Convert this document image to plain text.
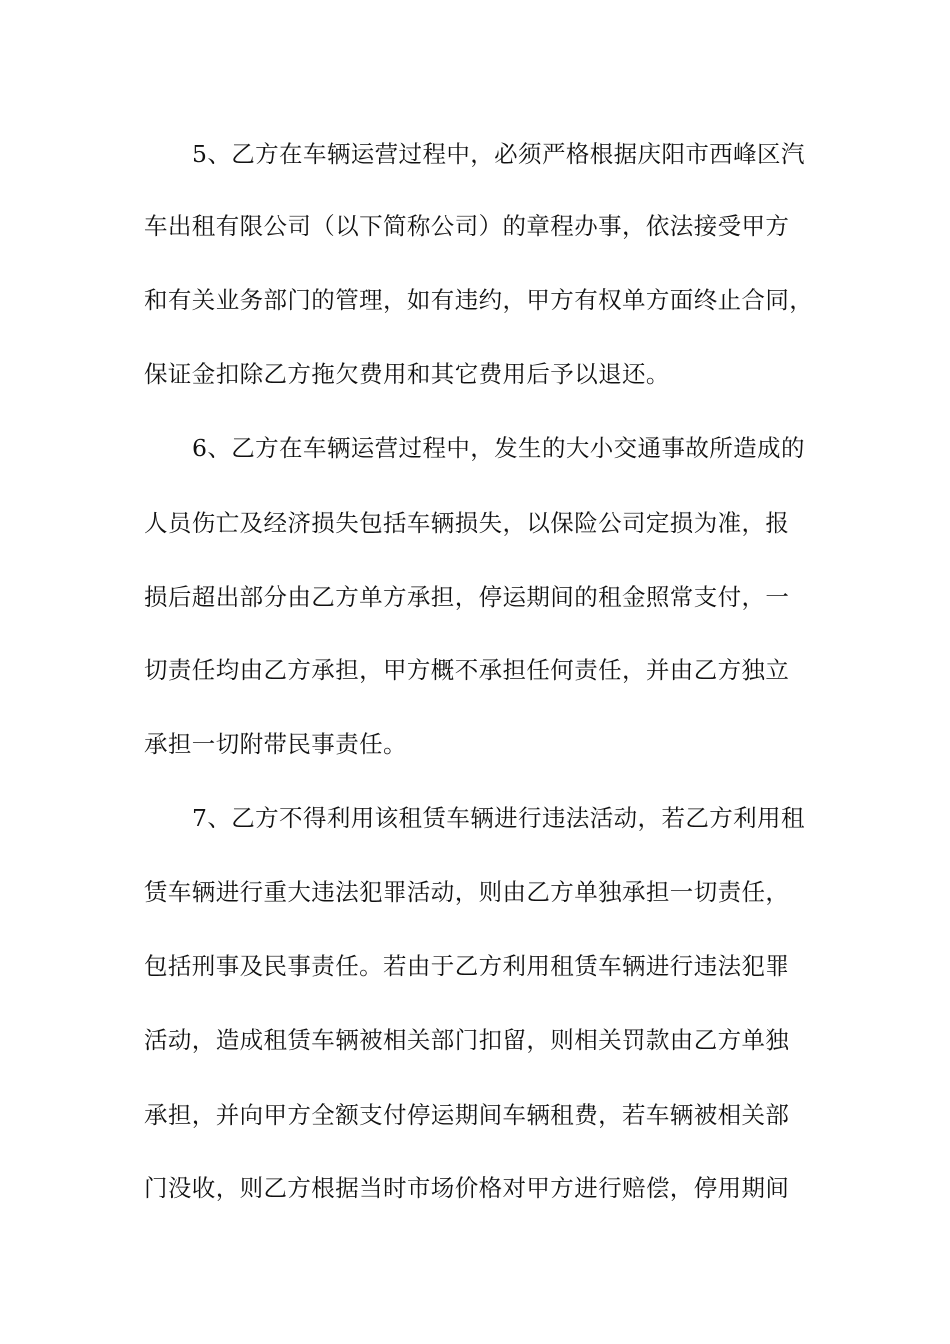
5、乙方在车辆运营过程中，必须严格根据庆阳市西峰区汽
车出租有限公司（以下简称公司）的章程办事，依法接受甲方
和有关业务部门的管理，如有违约，甲方有权单方面终止合同，
保证金扣除乙方拖欠费用和其它费用后予以退还。
6、乙方在车辆运营过程中，发生的大小交通事故所造成的
人员伤亡及经济损失包括车辆损失，以保险公司定损为准，报
损后超出部分由乙方单方承担，停运期间的租金照常支付，一
切责任均由乙方承担，甲方概不承担任何责任，并由乙方独立
承担一切附带民事责任。
7、乙方不得利用该租赁车辆进行违法活动，若乙方利用租
赁车辆进行重大违法犯罪活动，则由乙方单独承担一切责任，
包括刑事及民事责任。若由于乙方利用租赁车辆进行违法犯罪
活动，造成租赁车辆被相关部门扣留，则相关罚款由乙方单独
承担，并向甲方全额支付停运期间车辆租费，若车辆被相关部
门没收，则乙方根据当时市场价格对甲方进行赔偿，停用期间
